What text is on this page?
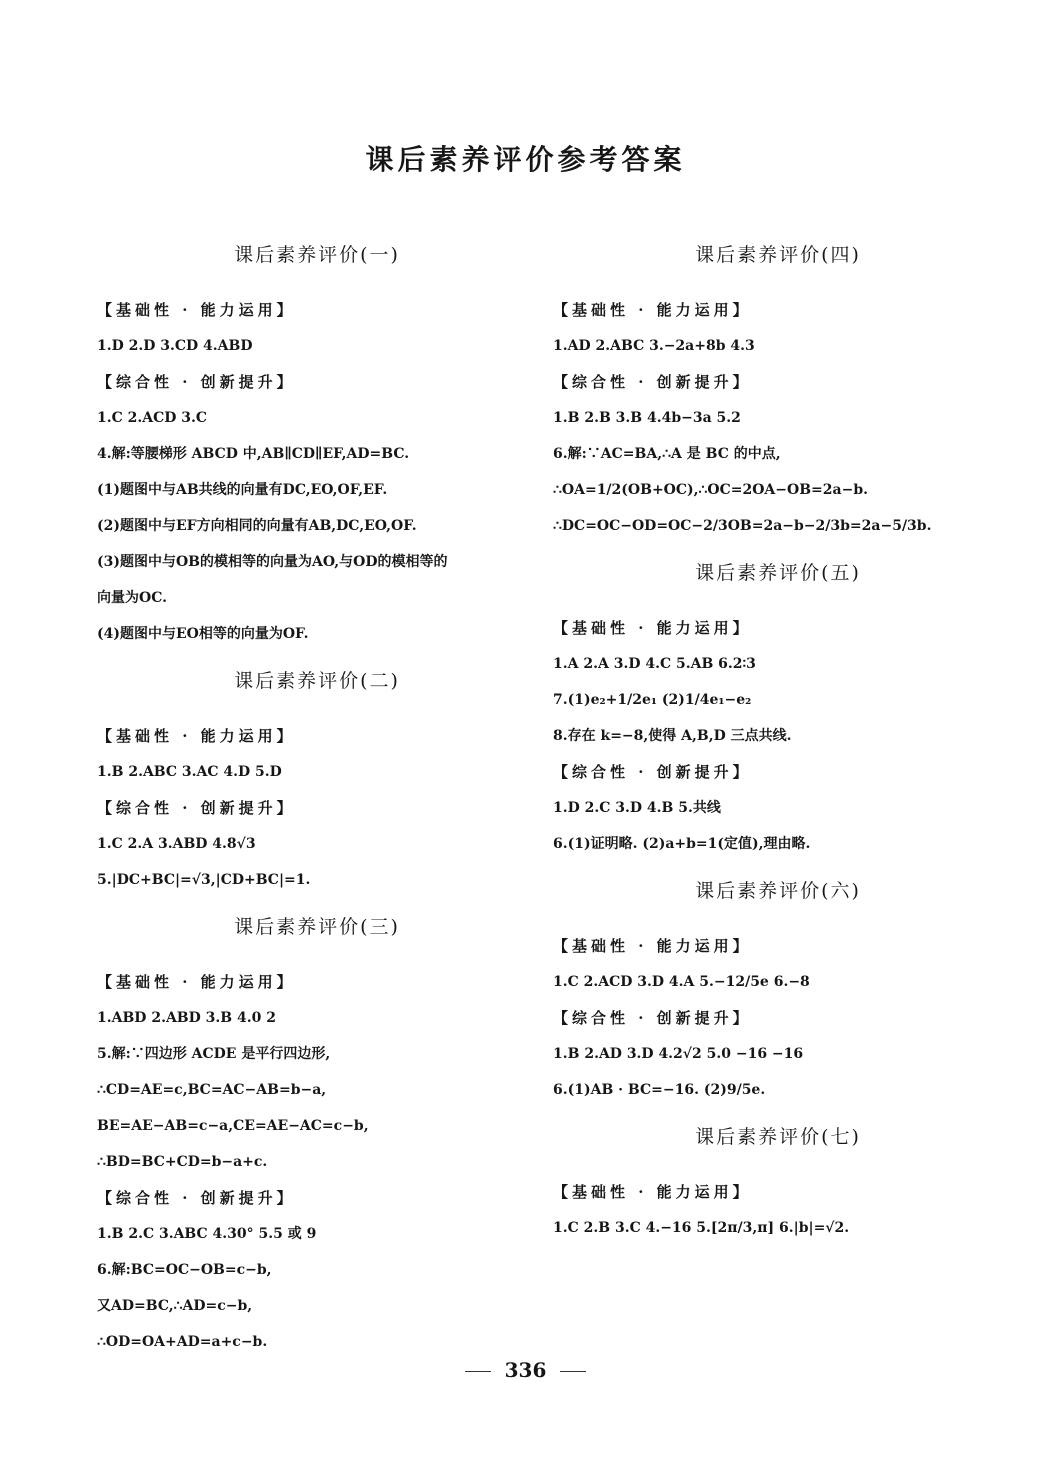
课后素养评价参考答案
课后素养评价(一)
【基础性 · 能力运用】
1.D 2.D 3.CD 4.ABD
【综合性 · 创新提升】
1.C 2.ACD 3.C
4.解:等腰梯形 ABCD 中,AB∥CD∥EF,AD=BC.
(1)题图中与AB共线的向量有DC,EO,OF,EF.
(2)题图中与EF方向相同的向量有AB,DC,EO,OF.
(3)题图中与OB的模相等的向量为AO,与OD的模相等的
向量为OC.
(4)题图中与EO相等的向量为OF.
课后素养评价(二)
【基础性 · 能力运用】
1.B 2.ABC 3.AC 4.D 5.D
【综合性 · 创新提升】
1.C 2.A 3.ABD 4.8√3
5.|DC+BC|=√3,|CD+BC|=1.
课后素养评价(三)
【基础性 · 能力运用】
1.ABD 2.ABD 3.B 4.0 2
5.解:∵四边形 ACDE 是平行四边形,
∴CD=AE=c,BC=AC−AB=b−a,
BE=AE−AB=c−a,CE=AE−AC=c−b,
∴BD=BC+CD=b−a+c.
【综合性 · 创新提升】
1.B 2.C 3.ABC 4.30° 5.5 或 9
6.解:BC=OC−OB=c−b,
又AD=BC,∴AD=c−b,
∴OD=OA+AD=a+c−b.
课后素养评价(四)
【基础性 · 能力运用】
1.AD 2.ABC 3.−2a+8b 4.3
【综合性 · 创新提升】
1.B 2.B 3.B 4.4b−3a 5.2
6.解:∵AC=BA,∴A 是 BC 的中点,
∴OA=1/2(OB+OC),∴OC=2OA−OB=2a−b.
∴DC=OC−OD=OC−2/3OB=2a−b−2/3b=2a−5/3b.
课后素养评价(五)
【基础性 · 能力运用】
1.A 2.A 3.D 4.C 5.AB 6.2∶3
7.(1)e₂+1/2e₁ (2)1/4e₁−e₂
8.存在 k=−8,使得 A,B,D 三点共线.
【综合性 · 创新提升】
1.D 2.C 3.D 4.B 5.共线
6.(1)证明略. (2)a+b=1(定值),理由略.
课后素养评价(六)
【基础性 · 能力运用】
1.C 2.ACD 3.D 4.A 5.−12/5e 6.−8
【综合性 · 创新提升】
1.B 2.AD 3.D 4.2√2 5.0 −16 −16
6.(1)AB · BC=−16. (2)9/5e.
课后素养评价(七)
【基础性 · 能力运用】
1.C 2.B 3.C 4.−16 5.[2π/3,π] 6.|b|=√2.
336
